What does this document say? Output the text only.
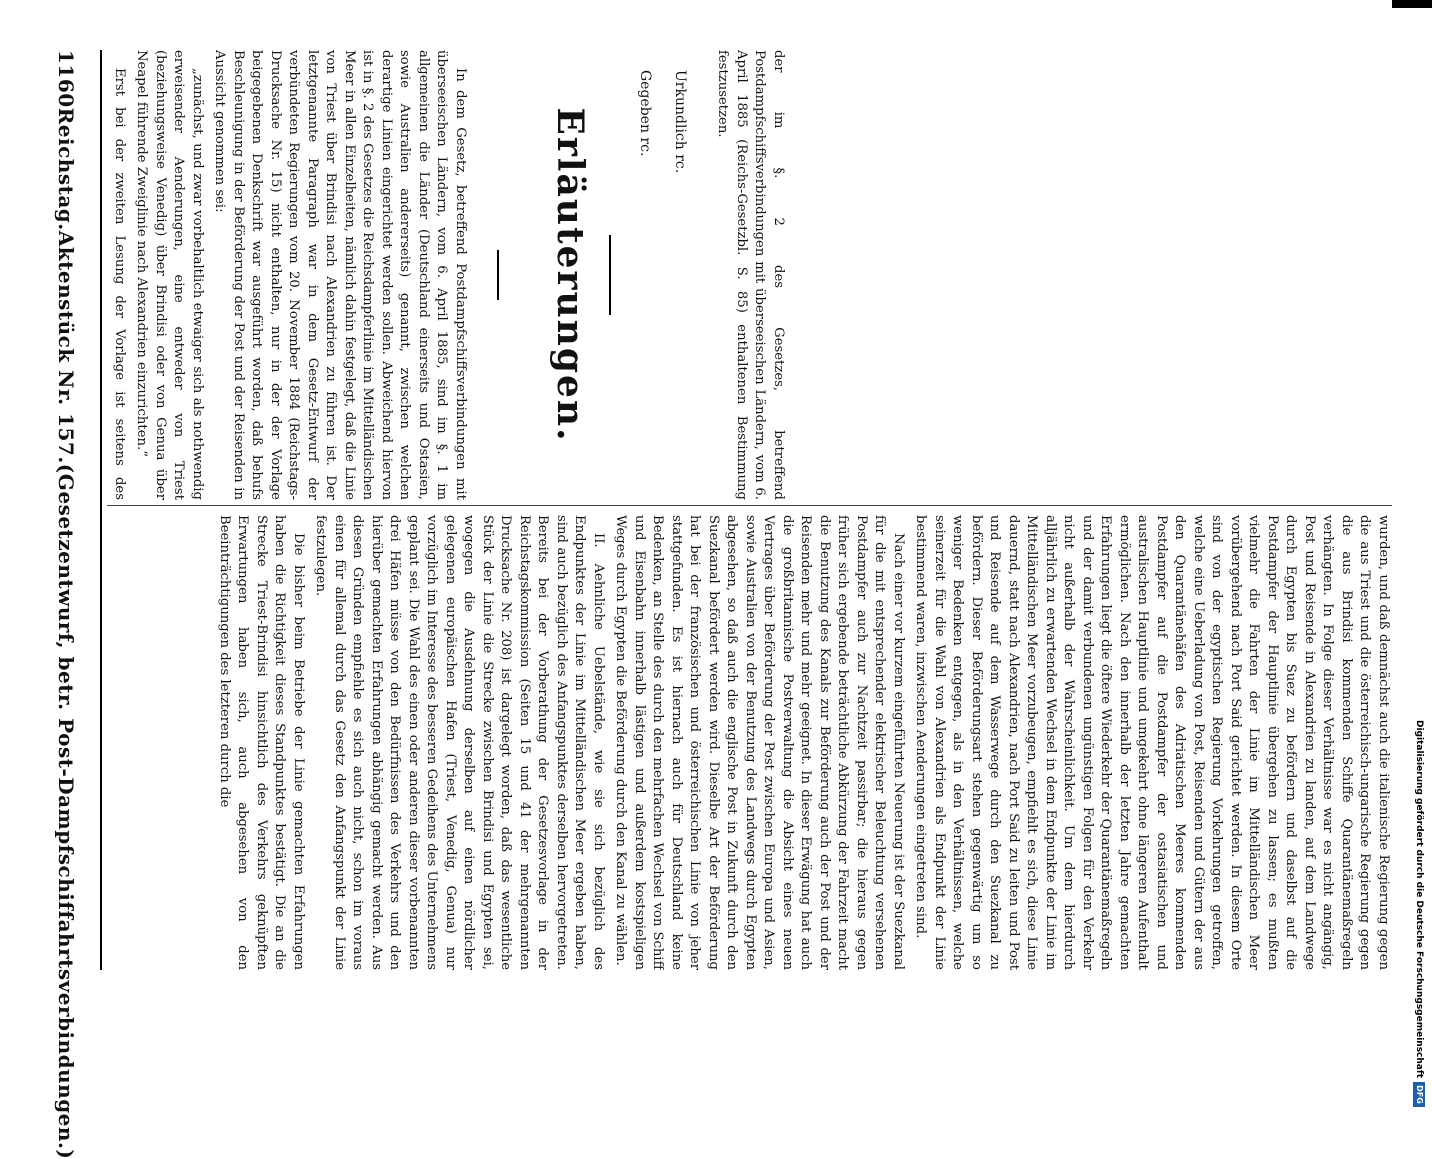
1160
Reichstag.
Aktenstück Nr. 157.
(Gesetzentwurf, betr. Post-Dampfschiffahrtsverbindungen.)

der im §. 2 des Gesetzes, betreffend Postdampfschiffsverbindungen mit überseeischen Ländern, vom 6. April 1885 (Reichs-Gesetzbl. S. 85) enthaltenen Bestimmung festzusetzen.

Urkundlich rc.
Gegeben rc.
Erläuterungen.

In dem Gesetz, betreffend Postdampfschiffsverbindungen mit überseeischen Ländern, vom 6. April 1885, sind im §. 1 im allgemeinen die Länder (Deutschland einerseits und Ostasien, sowie Australien andererseits) genannt, zwischen welchen derartige Linien eingerichtet werden sollen. Abweichend hiervon ist in §. 2 des Gesetzes die Reichsdampferlinie im Mittelländischen Meer in allen Einzelheiten, nämlich dahin festgelegt, daß die Linie von Triest über Brindisi nach Alexandrien zu führen ist. Der letztgenannte Paragraph war in dem Gesetz-Entwurf der verbündeten Regierungen vom 20. November 1884 (Reichstags-Drucksache Nr. 15) nicht enthalten, nur in der der Vorlage beigegebenen Denkschrift war ausgeführt worden, daß behufs Beschleunigung in der Beförderung der Post und der Reisenden in Aussicht genommen sei:

„zunächst, und zwar vorbehaltlich etwaiger sich als nothwendig erweisender Aenderungen, eine entweder von Triest (beziehungsweise Venedig) über Brindisi oder von Genua über Neapel führende Zweiglinie nach Alexandrien einzurichten.“

Erst bei der zweiten Lesung der Vorlage ist seitens des

wurden, und daß demnächst auch die italienische Regierung gegen die aus Triest und die österreichisch-ungarische Regierung gegen die aus Brindisi kommenden Schiffe Quarantänemaßregeln verhängten. In Folge dieser Verhältnisse war es nicht angängig, Post und Reisende in Alexandrien zu landen, auf dem Landwege durch Egypten bis Suez zu befördern und daselbst auf die Postdampfer der Hauptlinie übergehen zu lassen; es mußten vielmehr die Fahrten der Linie im Mittelländischen Meer vorübergehend nach Port Said gerichtet werden. In diesem Orte sind von der egyptischen Regierung Vorkehrungen getroffen, welche eine Ueberladung von Post, Reisenden und Gütern der aus den Quarantänehäfen des Adriatischen Meeres kommenden Postdampfer auf die Postdampfer der ostasiatischen und australischen Hauptlinie und umgekehrt ohne längeren Aufenthalt ermöglichen. Nach den innerhalb der letzten Jahre gemachten Erfahrungen liegt die öftere Wiederkehr der Quarantänemaßregeln und der damit verbundenen ungünstigen Folgen für den Verkehr nicht außerhalb der Wahrscheinlichkeit. Um dem hierdurch alljährlich zu erwartenden Wechsel in dem Endpunkte der Linie im Mittelländischen Meer vorzubeugen, empfiehlt es sich, diese Linie dauernd, statt nach Alexandrien, nach Port Said zu leiten und Post und Reisende auf dem Wasserwege durch den Suezkanal zu befördern. Dieser Beförderungsart stehen gegenwärtig um so weniger Bedenken entgegen, als in den Verhältnissen, welche seinerzeit für die Wahl von Alexandrien als Endpunkt der Linie bestimmend waren, inzwischen Aenderungen eingetreten sind.

Nach einer vor kurzem eingeführten Neuerung ist der Suezkanal für die mit entsprechender elektrischer Beleuchtung versehenen Postdampfer auch zur Nachtzeit passirbar; die hieraus gegen früher sich ergebende beträchtliche Abkürzung der Fahrzeit macht die Benutzung des Kanals zur Beförderung auch der Post und der Reisenden mehr und mehr geeignet. In dieser Erwägung hat auch die großbritannische Postverwaltung die Absicht eines neuen Vertrages über Beförderung der Post zwischen Europa und Asien, sowie Australien von der Benutzung des Landwegs durch Egypten abgesehen, so daß auch die englische Post in Zukunft durch den Suezkanal befördert werden wird. Dieselbe Art der Beförderung hat bei der französischen und österreichischen Linie von jeher stattgefunden. Es ist hiernach auch für Deutschland keine Bedenken, an Stelle des durch den mehrfachen Wechsel von Schiff und Eisenbahn innerhalb lästigen und außerdem kostspieligen Weges durch Egypten die Beförderung durch den Kanal zu wählen.

II. Aehnliche Uebelstände, wie sie sich bezüglich des Endpunktes der Linie im Mittelländischen Meer ergeben haben, sind auch bezüglich des Anfangspunktes derselben hervorgetreten. Bereits bei der Vorberathung der Gesetzesvorlage in der Reichstagskommission (Seiten 15 und 41 der mehrgenannten Drucksache Nr. 208) ist dargelegt worden, daß das wesentliche Stück der Linie die Strecke zwischen Brindisi und Egypten sei, wogegen die Ausdehnung derselben auf einen nördlicher gelegenen europäischen Hafen (Triest, Venedig, Genua) nur vorzüglich im Interesse des besseren Gedeihens des Unternehmens geplant sei. Die Wahl des einen oder anderen dieser vorbenannten drei Häfen müsse von den Bedürfnissen des Verkehrs und den hierüber gemachten Erfahrungen abhängig gemacht werden. Aus diesen Gründen empfiehle es sich auch nicht, schon im voraus einen für allemal durch das Gesetz den Anfangspunkt der Linie festzulegen.

Die bisher beim Betriebe der Linie gemachten Erfahrungen haben die Richtigkeit dieses Standpunktes bestätigt. Die an die Strecke Triest-Brindisi hinsichtlich des Verkehrs geknüpften Erwartungen haben sich, auch abgesehen von den Beeinträchtigungen des letzteren durch die

Digitalisierung gefördert durch die Deutsche Forschungsgemeinschaft
DFG
